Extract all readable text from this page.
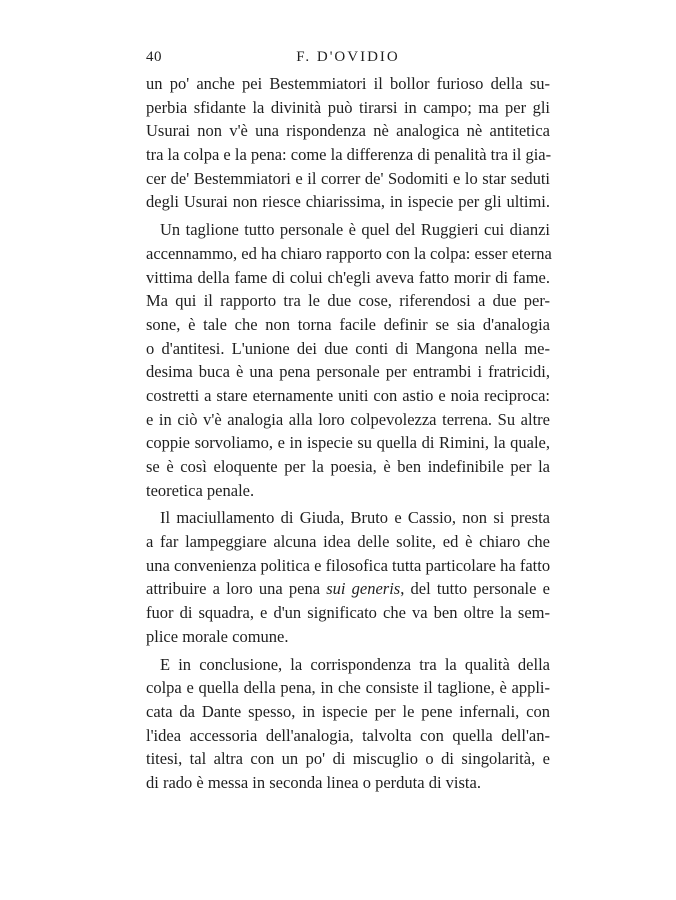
40	F. D'OVIDIO
un po' anche pei Bestemmiatori il bollor furioso della su-
perbia sfidante la divinità può tirarsi in campo; ma per gli
Usurai non v'è una rispondenza nè analogica nè antitetica
tra la colpa e la pena: come la differenza di penalità tra il gia-
cer de' Bestemmiatori e il correr de' Sodomiti e lo star seduti
degli Usurai non riesce chiarissima, in ispecie per gli ultimi.
Un taglione tutto personale è quel del Ruggieri cui dianzi
accennammo, ed ha chiaro rapporto con la colpa: esser eterna
vittima della fame di colui ch'egli aveva fatto morir di fame.
Ma qui il rapporto tra le due cose, riferendosi a due per-
sone, è tale che non torna facile definir se sia d'analogia
o d'antitesi. L'unione dei due conti di Mangona nella me-
desima buca è una pena personale per entrambi i fratricidi,
costretti a stare eternamente uniti con astio e noia reciproca:
e in ciò v'è analogia alla loro colpevolezza terrena. Su altre
coppie sorvoliamo, e in ispecie su quella di Rimini, la quale,
se è così eloquente per la poesia, è ben indefinibile per la
teoretica penale.
Il maciullamento di Giuda, Bruto e Cassio, non si presta
a far lampeggiare alcuna idea delle solite, ed è chiaro che
una convenienza politica e filosofica tutta particolare ha fatto
attribuire a loro una pena sui generis, del tutto personale e
fuor di squadra, e d'un significato che va ben oltre la sem-
plice morale comune.
E in conclusione, la corrispondenza tra la qualità della
colpa e quella della pena, in che consiste il taglione, è appli-
cata da Dante spesso, in ispecie per le pene infernali, con
l'idea accessoria dell'analogia, talvolta con quella dell'an-
titesi, tal altra con un po' di miscuglio o di singolarità, e
di rado è messa in seconda linea o perduta di vista.
